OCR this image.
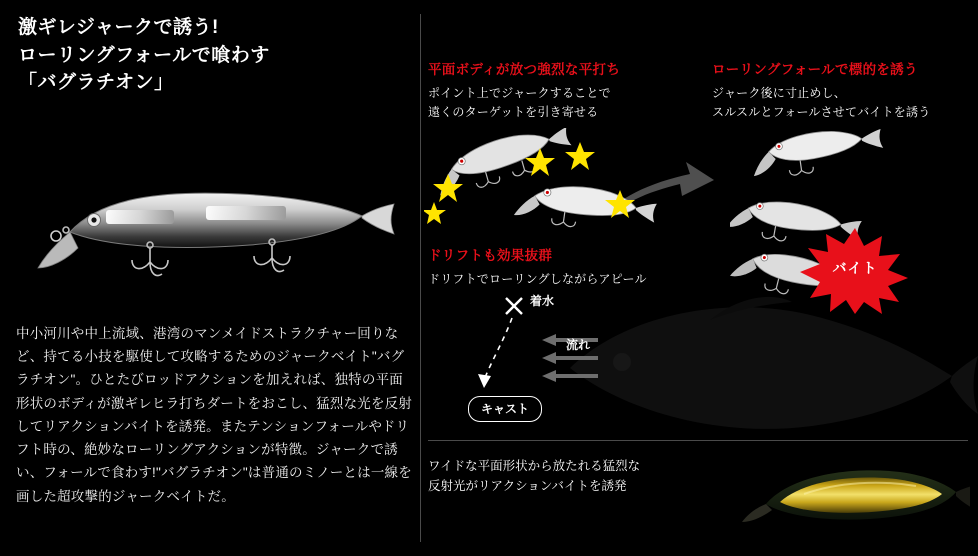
激ギレジャークで誘う!
ローリングフォールで喰わす
「バグラチオン」

中小河川や中上流域、港湾のマンメイドストラクチャー回りなど、持てる小技を駆使して攻略するためのジャークベイト"バグラチオン"。ひとたびロッドアクションを加えれば、独特の平面形状のボディが激ギレヒラ打ちダートをおこし、猛烈な光を反射してリアクションバイトを誘発。またテンションフォールやドリフト時の、絶妙なローリングアクションが特徴。ジャークで誘い、フォールで食わす!"バグラチオン"は普通のミノーとは一線を画した超攻撃的ジャークベイトだ。

平面ボディが放つ強烈な平打ち
ポイント上でジャークすることで
遠くのターゲットを引き寄せる
ローリングフォールで標的を誘う
ジャーク後に寸止めし、
スルスルとフォールさせてバイトを誘う
バイト
ドリフトも効果抜群
ドリフトでローリングしながらアピール
着水
流れ
キャスト
ワイドな平面形状から放たれる猛烈な
反射光がリアクションバイトを誘発
